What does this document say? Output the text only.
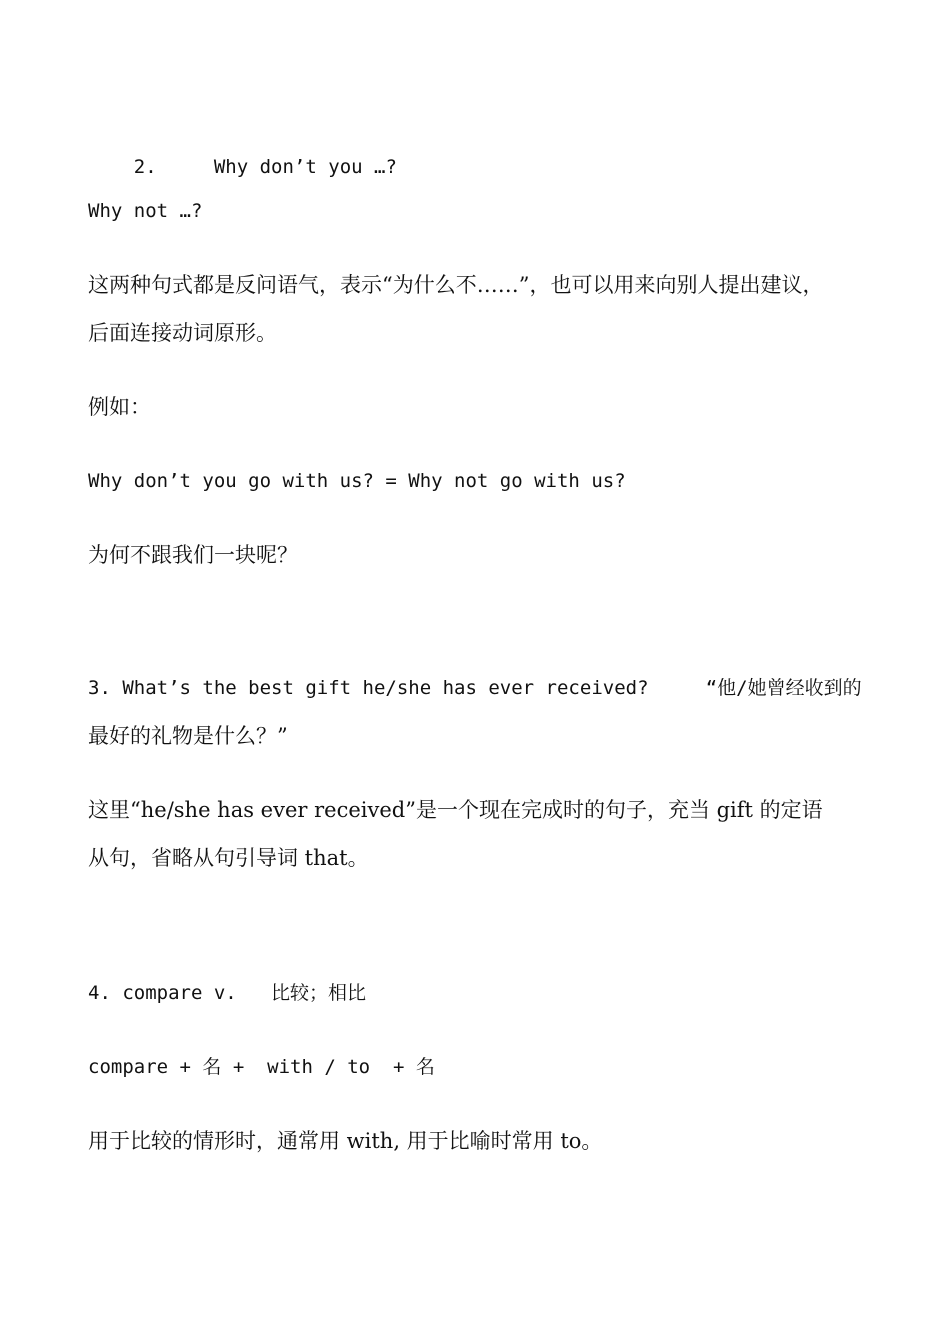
2.	Why don’t you …?

Why not …?
这两种句式都是反问语气，表示“为什么不……”，也可以用来向别人提出建议，
后面连接动词原形。
例如：
Why don’t you go with us? = Why not go with us?
为何不跟我们一块呢？
3. What’s the best gift he/she has ever received?     “他/她曾经收到的
最好的礼物是什么？”
这里“he/she has ever received”是一个现在完成时的句子，充当 gift 的定语
从句，省略从句引导词 that。
4. compare v.   比较；相比
compare + 名 +  with / to  + 名
用于比较的情形时，通常用 with, 用于比喻时常用 to。
